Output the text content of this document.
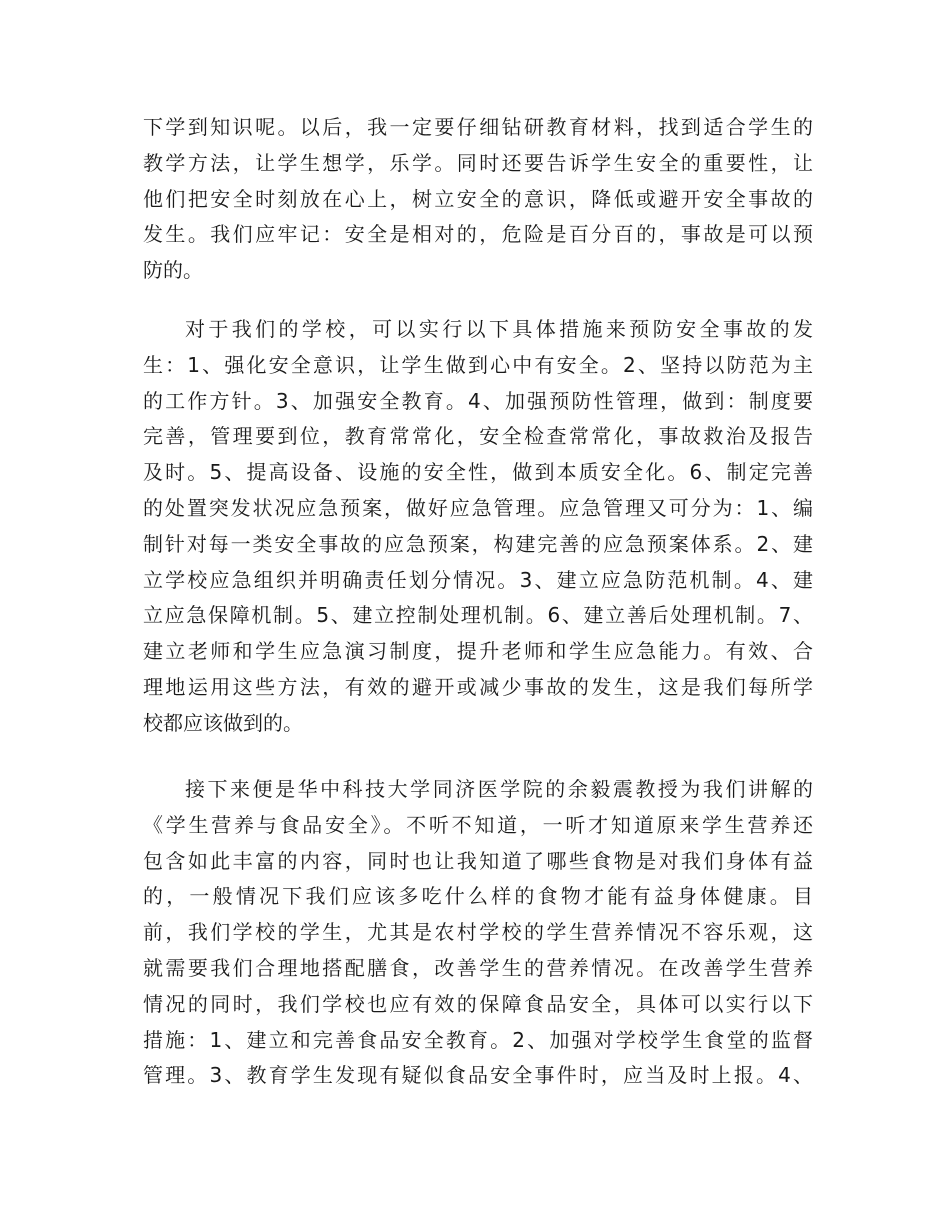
下学到知识呢。以后，我一定要仔细钻研教育材料，找到适合学生的
教学方法，让学生想学，乐学。同时还要告诉学生安全的重要性，让
他们把安全时刻放在心上，树立安全的意识，降低或避开安全事故的
发生。我们应牢记：安全是相对的，危险是百分百的，事故是可以预
防的。
对于我们的学校，可以实行以下具体措施来预防安全事故的发
生：1、强化安全意识，让学生做到心中有安全。2、坚持以防范为主
的工作方针。3、加强安全教育。4、加强预防性管理，做到：制度要
完善，管理要到位，教育常常化，安全检查常常化，事故救治及报告
及时。5、提高设备、设施的安全性，做到本质安全化。6、制定完善
的处置突发状况应急预案，做好应急管理。应急管理又可分为：1、编
制针对每一类安全事故的应急预案，构建完善的应急预案体系。2、建
立学校应急组织并明确责任划分情况。3、建立应急防范机制。4、建
立应急保障机制。5、建立控制处理机制。6、建立善后处理机制。7、
建立老师和学生应急演习制度，提升老师和学生应急能力。有效、合
理地运用这些方法，有效的避开或减少事故的发生，这是我们每所学
校都应该做到的。
接下来便是华中科技大学同济医学院的余毅震教授为我们讲解的
《学生营养与食品安全》。不听不知道，一听才知道原来学生营养还
包含如此丰富的内容，同时也让我知道了哪些食物是对我们身体有益
的，一般情况下我们应该多吃什么样的食物才能有益身体健康。目
前，我们学校的学生，尤其是农村学校的学生营养情况不容乐观，这
就需要我们合理地搭配膳食，改善学生的营养情况。在改善学生营养
情况的同时，我们学校也应有效的保障食品安全，具体可以实行以下
措施：1、建立和完善食品安全教育。2、加强对学校学生食堂的监督
管理。3、教育学生发现有疑似食品安全事件时，应当及时上报。4、
